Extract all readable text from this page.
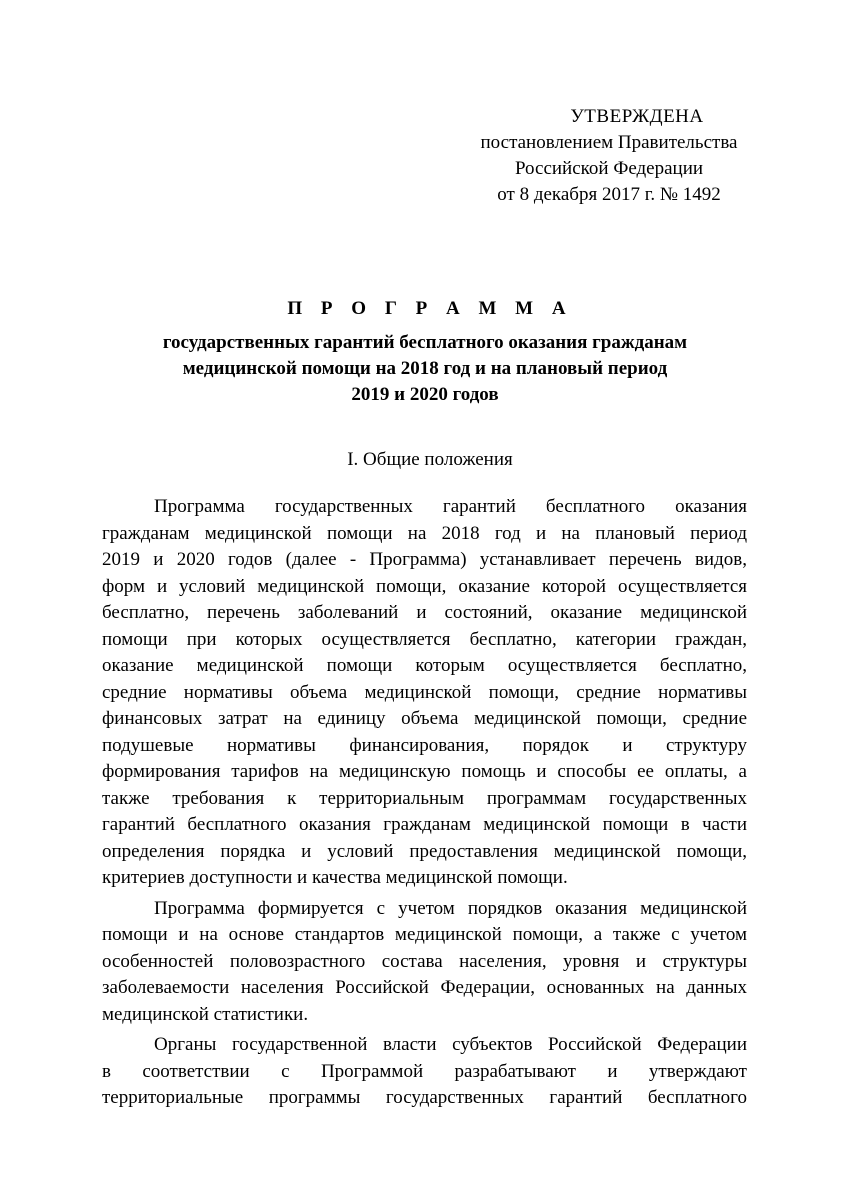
УТВЕРЖДЕНА
постановлением Правительства
Российской Федерации
от 8 декабря 2017 г. № 1492
П Р О Г Р А М М А
государственных гарантий бесплатного оказания гражданам
медицинской помощи на 2018 год и на плановый период
2019 и 2020 годов
I. Общие положения
Программа государственных гарантий бесплатного оказания
гражданам медицинской помощи на 2018 год и на плановый период
2019 и 2020 годов (далее - Программа) устанавливает перечень видов,
форм и условий медицинской помощи, оказание которой осуществляется
бесплатно, перечень заболеваний и состояний, оказание медицинской
помощи при которых осуществляется бесплатно, категории граждан,
оказание медицинской помощи которым осуществляется бесплатно,
средние нормативы объема медицинской помощи, средние нормативы
финансовых затрат на единицу объема медицинской помощи, средние
подушевые нормативы финансирования, порядок и структуру
формирования тарифов на медицинскую помощь и способы ее оплаты, а
также требования к территориальным программам государственных
гарантий бесплатного оказания гражданам медицинской помощи в части
определения порядка и условий предоставления медицинской помощи,
критериев доступности и качества медицинской помощи.
Программа формируется с учетом порядков оказания медицинской
помощи и на основе стандартов медицинской помощи, а также с учетом
особенностей половозрастного состава населения, уровня и структуры
заболеваемости населения Российской Федерации, основанных на данных
медицинской статистики.
Органы государственной власти субъектов Российской Федерации
в соответствии с Программой разрабатывают и утверждают
территориальные программы государственных гарантий бесплатного
